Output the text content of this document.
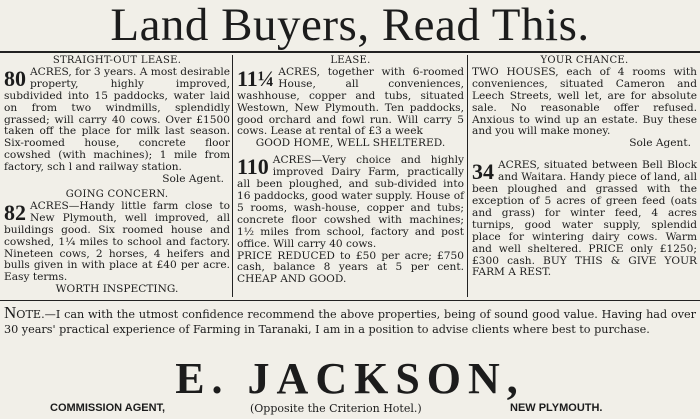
Land Buyers, Read This.
STRAIGHT-OUT LEASE.

80 ACRES, for 3 years. A most desirable property, highly improved, subdivided into 15 paddocks, water laid on from two windmills, splendidly grassed; will carry 40 cows. Over £1500 taken off the place for milk last season. Six-roomed house, concrete floor cowshed (with machines); 1 mile from factory, sch l and railway station.

Sole Agent.
GOING CONCERN.

82 ACRES—Handy little farm close to New Plymouth, well improved, all buildings good. Six roomed house and cowshed, 1¼ miles to school and factory. Nineteen cows, 2 horses, 4 heifers and bulls given in with place at £40 per acre. Easy terms.

WORTH INSPECTING.
LEASE.

11¼ ACRES, together with 6-roomed House, all conveniences, washhouse, copper and tubs, situated Westown, New Plymouth. Ten paddocks, good orchard and fowl run. Will carry 5 cows. Lease at rental of £3 a week

GOOD HOME, WELL SHELTERED.

110 ACRES—Very choice and highly improved Dairy Farm, practically all been ploughed, and sub-divided into 16 paddocks, good water supply. House of 5 rooms, wash-house, copper and tubs; concrete floor cowshed with machines; 1½ miles from school, factory and post office. Will carry 40 cows.

PRICE REDUCED to £50 per acre; £750 cash, balance 8 years at 5 per cent. CHEAP AND GOOD.

YOUR CHANCE.

TWO HOUSES, each of 4 rooms with conveniences, situated Cameron and Leech Streets, well let, are for absolute sale. No reasonable offer refused. Anxious to wind up an estate. Buy these and you will make money.

Sole Agent.

34 ACRES, situated between Bell Block and Waitara. Handy piece of land, all been ploughed and grassed with the exception of 5 acres of green feed (oats and grass) for winter feed, 4 acres turnips, good water supply, splendid place for wintering dairy cows. Warm and well sheltered. PRICE only £1250; £300 cash. BUY THIS & GIVE YOUR FARM A REST.

NOTE.—I can with the utmost confidence recommend the above properties, being of sound good value. Having had over 30 years' practical experience of Farming in Taranaki, I am in a position to advise clients where best to purchase.
E. JACKSON,
COMMISSION AGENT,	(Opposite the Criterion Hotel.)	NEW PLYMOUTH.
